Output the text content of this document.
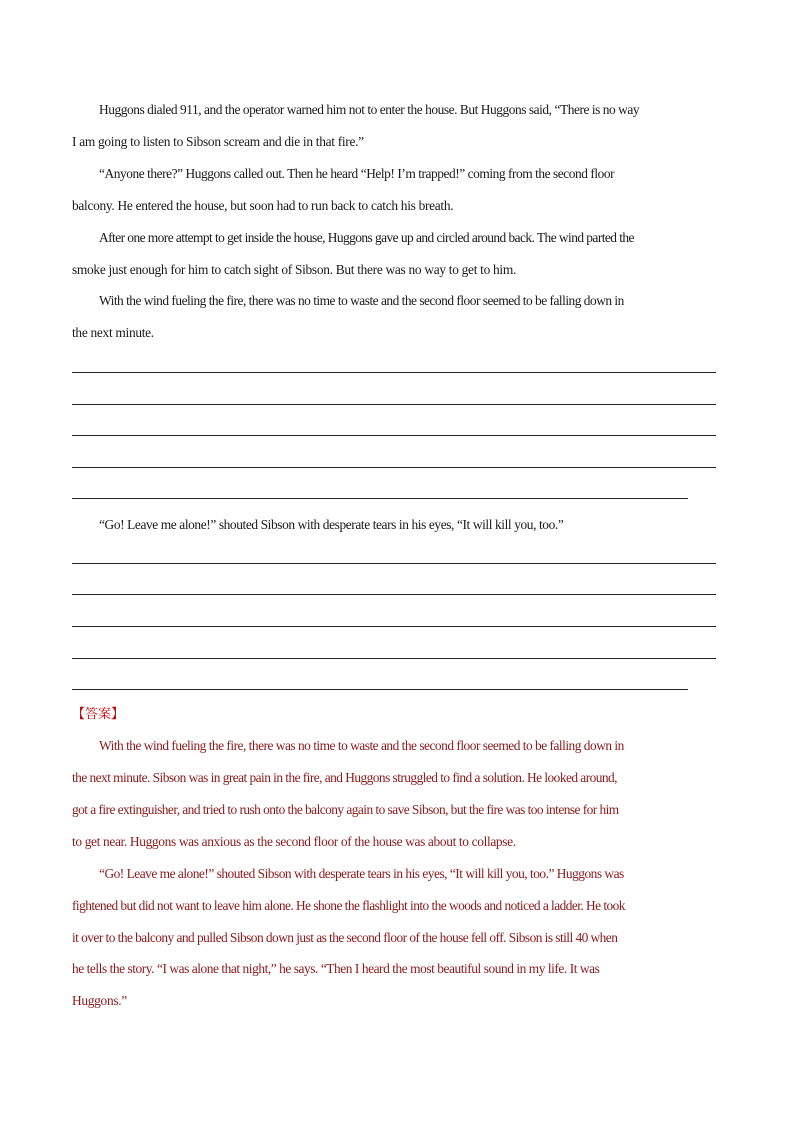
Huggons dialed 911, and the operator warned him not to enter the house. But Huggons said, “There is no way
I am going to listen to Sibson scream and die in that fire.”
“Anyone there?” Huggons called out. Then he heard “Help! I’m trapped!” coming from the second floor
balcony. He entered the house, but soon had to run back to catch his breath.
After one more attempt to get inside the house, Huggons gave up and circled around back. The wind parted the
smoke just enough for him to catch sight of Sibson. But there was no way to get to him.
With the wind fueling the fire, there was no time to waste and the second floor seemed to be falling down in
the next minute.
“Go! Leave me alone!” shouted Sibson with desperate tears in his eyes, “It will kill you, too.”
【答案】
With the wind fueling the fire, there was no time to waste and the second floor seemed to be falling down in
the next minute. Sibson was in great pain in the fire, and Huggons struggled to find a solution. He looked around,
got a fire extinguisher, and tried to rush onto the balcony again to save Sibson, but the fire was too intense for him
to get near. Huggons was anxious as the second floor of the house was about to collapse.
“Go! Leave me alone!” shouted Sibson with desperate tears in his eyes, “It will kill you, too.” Huggons was
fightened but did not want to leave him alone. He shone the flashlight into the woods and noticed a ladder. He took
it over to the balcony and pulled Sibson down just as the second floor of the house fell off. Sibson is still 40 when
he tells the story. “I was alone that night,” he says. “Then I heard the most beautiful sound in my life. It was
Huggons.”
